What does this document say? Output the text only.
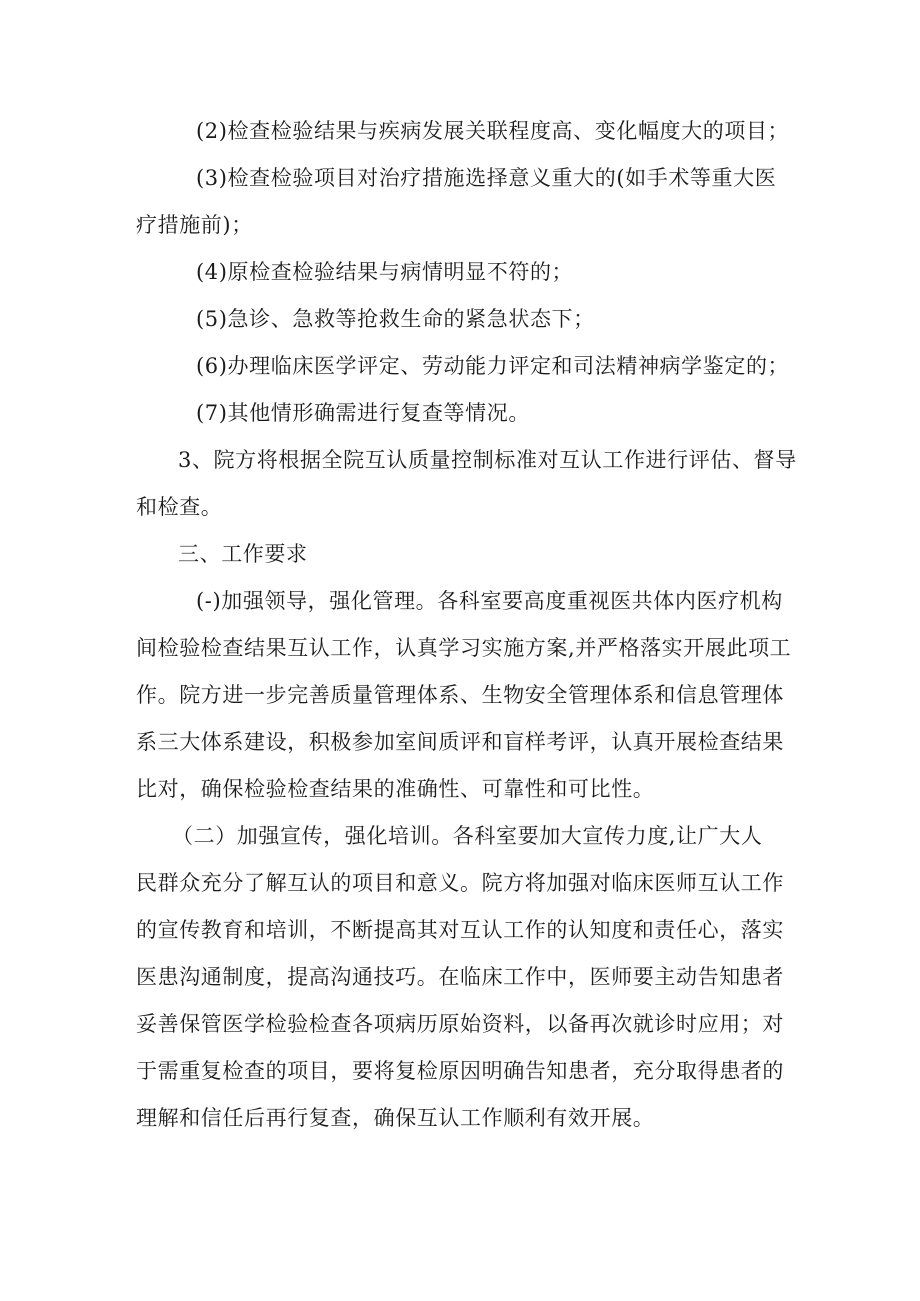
(2)检查检验结果与疾病发展关联程度高、变化幅度大的项目；
(3)检查检验项目对治疗措施选择意义重大的(如手术等重大医
疗措施前)；
(4)原检查检验结果与病情明显不符的；
(5)急诊、急救等抢救生命的紧急状态下；
(6)办理临床医学评定、劳动能力评定和司法精神病学鉴定的；
(7)其他情形确需进行复查等情况。
3、院方将根据全院互认质量控制标准对互认工作进行评估、督导
和检查。
三、工作要求
(-)加强领导，强化管理。各科室要高度重视医共体内医疗机构
间检验检查结果互认工作，认真学习实施方案,并严格落实开展此项工
作。院方进一步完善质量管理体系、生物安全管理体系和信息管理体
系三大体系建设，积极参加室间质评和盲样考评，认真开展检查结果
比对，确保检验检查结果的准确性、可靠性和可比性。
（二）加强宣传，强化培训。各科室要加大宣传力度,让广大人
民群众充分了解互认的项目和意义。院方将加强对临床医师互认工作
的宣传教育和培训，不断提高其对互认工作的认知度和责任心，落实
医患沟通制度，提高沟通技巧。在临床工作中，医师要主动告知患者
妥善保管医学检验检查各项病历原始资料，以备再次就诊时应用；对
于需重复检查的项目，要将复检原因明确告知患者，充分取得患者的
理解和信任后再行复查，确保互认工作顺利有效开展。
